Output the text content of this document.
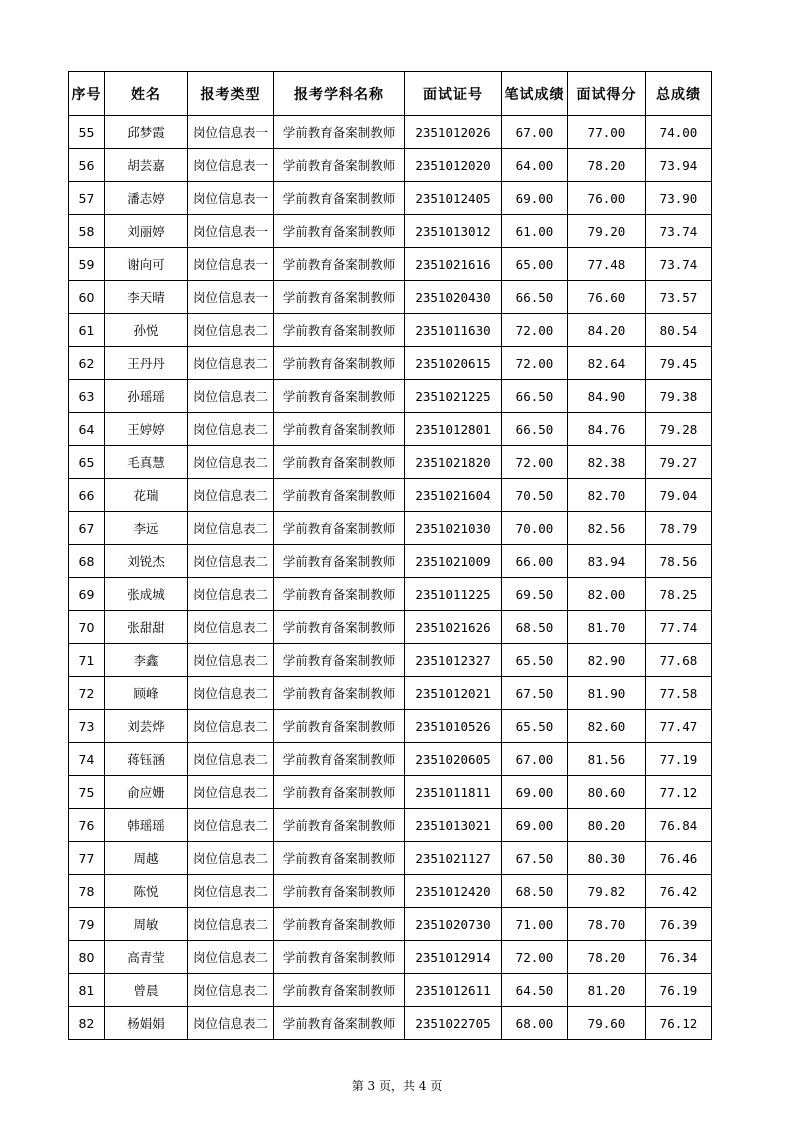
序号	姓名	报考类型	报考学科名称	面试证号	笔试成绩	面试得分	总成绩
55	邱梦霞	岗位信息表一	学前教育备案制教师	2351012026	67.00	77.00	74.00
56	胡芸嘉	岗位信息表一	学前教育备案制教师	2351012020	64.00	78.20	73.94
57	潘志婷	岗位信息表一	学前教育备案制教师	2351012405	69.00	76.00	73.90
58	刘丽婷	岗位信息表一	学前教育备案制教师	2351013012	61.00	79.20	73.74
59	谢向可	岗位信息表一	学前教育备案制教师	2351021616	65.00	77.48	73.74
60	李天晴	岗位信息表一	学前教育备案制教师	2351020430	66.50	76.60	73.57
61	孙悦	岗位信息表二	学前教育备案制教师	2351011630	72.00	84.20	80.54
62	王丹丹	岗位信息表二	学前教育备案制教师	2351020615	72.00	82.64	79.45
63	孙瑶瑶	岗位信息表二	学前教育备案制教师	2351021225	66.50	84.90	79.38
64	王婷婷	岗位信息表二	学前教育备案制教师	2351012801	66.50	84.76	79.28
65	毛真慧	岗位信息表二	学前教育备案制教师	2351021820	72.00	82.38	79.27
66	花瑞	岗位信息表二	学前教育备案制教师	2351021604	70.50	82.70	79.04
67	李远	岗位信息表二	学前教育备案制教师	2351021030	70.00	82.56	78.79
68	刘锐杰	岗位信息表二	学前教育备案制教师	2351021009	66.00	83.94	78.56
69	张成城	岗位信息表二	学前教育备案制教师	2351011225	69.50	82.00	78.25
70	张甜甜	岗位信息表二	学前教育备案制教师	2351021626	68.50	81.70	77.74
71	李鑫	岗位信息表二	学前教育备案制教师	2351012327	65.50	82.90	77.68
72	顾峰	岗位信息表二	学前教育备案制教师	2351012021	67.50	81.90	77.58
73	刘芸烨	岗位信息表二	学前教育备案制教师	2351010526	65.50	82.60	77.47
74	蒋钰涵	岗位信息表二	学前教育备案制教师	2351020605	67.00	81.56	77.19
75	俞应姗	岗位信息表二	学前教育备案制教师	2351011811	69.00	80.60	77.12
76	韩瑶瑶	岗位信息表二	学前教育备案制教师	2351013021	69.00	80.20	76.84
77	周越	岗位信息表二	学前教育备案制教师	2351021127	67.50	80.30	76.46
78	陈悦	岗位信息表二	学前教育备案制教师	2351012420	68.50	79.82	76.42
79	周敏	岗位信息表二	学前教育备案制教师	2351020730	71.00	78.70	76.39
80	高青莹	岗位信息表二	学前教育备案制教师	2351012914	72.00	78.20	76.34
81	曾晨	岗位信息表二	学前教育备案制教师	2351012611	64.50	81.20	76.19
82	杨娟娟	岗位信息表二	学前教育备案制教师	2351022705	68.00	79.60	76.12
第 3 页，共 4 页
